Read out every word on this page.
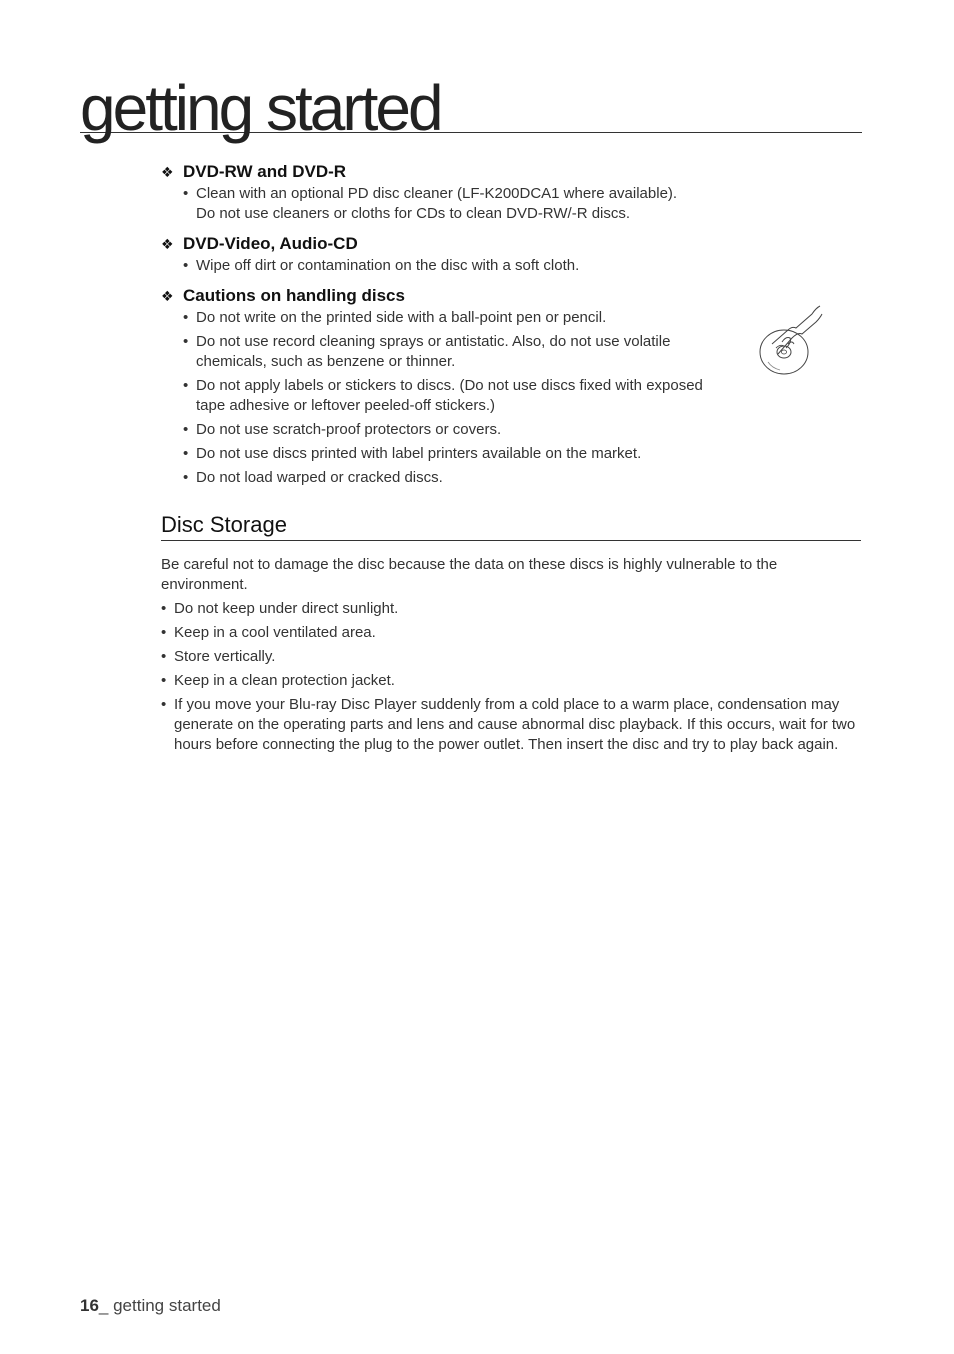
getting started
❖ DVD-RW and DVD-R
• Clean with an optional PD disc cleaner (LF-K200DCA1 where available). Do not use cleaners or cloths for CDs to clean DVD-RW/-R discs.
❖ DVD-Video, Audio-CD
• Wipe off dirt or contamination on the disc with a soft cloth.
❖ Cautions on handling discs
• Do not write on the printed side with a ball-point pen or pencil.
• Do not use record cleaning sprays or antistatic. Also, do not use volatile chemicals, such as benzene or thinner.
• Do not apply labels or stickers to discs. (Do not use discs fixed with exposed tape adhesive or leftover peeled-off stickers.)
• Do not use scratch-proof protectors or covers.
• Do not use discs printed with label printers available on the market.
• Do not load warped or cracked discs.
Disc Storage

Be careful not to damage the disc because the data on these discs is highly vulnerable to the environment.

• Do not keep under direct sunlight.
• Keep in a cool ventilated area.
• Store vertically.
• Keep in a clean protection jacket.
• If you move your Blu-ray Disc Player suddenly from a cold place to a warm place, condensation may generate on the operating parts and lens and cause abnormal disc playback. If this occurs, wait for two hours before connecting the plug to the power outlet. Then insert the disc and try to play back again.
16_ getting started
